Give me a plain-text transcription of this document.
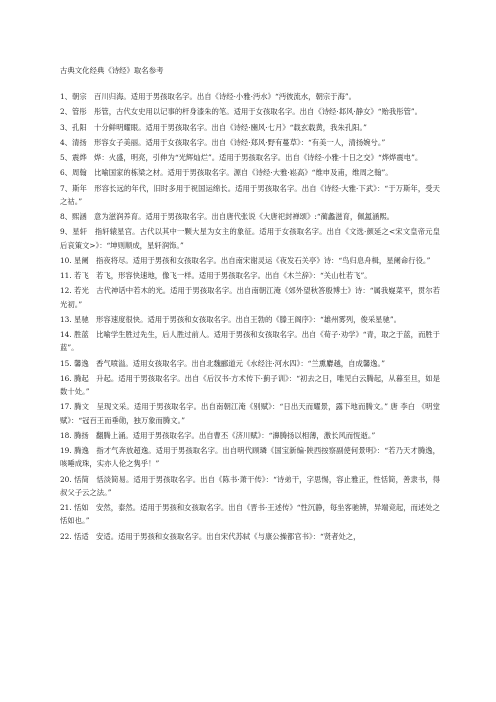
古典文化经典《诗经》取名参考

1、朝宗　百川归海。适用于男孩取名字。出自《诗经·小雅·沔水》“沔彼流水，朝宗于海”。

2、管彤　彤管，古代女史用以记事的杆身漆朱的笔。适用于女孩取名字。出自《诗经·邶风·静女》“贻我彤管”。

3、孔阳　十分鲜明耀眼。适用于男孩取名字。出自《诗经·豳风·七月》“载玄载黄，我朱孔阳。”

4、清扬　形容女子美丽。适用于女孩取名字。出自《诗经·郑风·野有蔓草》：“有美一人，清扬婉兮。”

5、震烨　烨：火盛，明亮，引伸为“光辉灿烂”。适用于男孩取名字。出自《诗经·小雅·十日之交》“烨烨震电”。

6、周翰　比喻国家的栋梁之材。适用于男孩取名字。源自《诗经·大雅·崧高》“维申及甫，维周之翰”。

7、斯年　形容长远的年代，旧时多用于祝国运绵长。适用于男孩取名字。出自《诗经·大雅·下武》：“于万斯年，受天之祜。”

8、熙涵　意为滋润养育。适用于男孩取名字。出自唐代张说《大唐祀封禅颂》:“蔺蠡滋育，佩氲涵熙。

9、星轩　指轩辕星宫。古代以其中一颗大星为女主的象征。适用于女孩取名字。出自《文选·颜延之<宋文皇帝元皇后哀策文>》：“坤则顺成，星轩润饰。”

10. 星阑　指夜将尽。适用于男孩和女孩取名字。出自南宋谢灵运《夜发石关亭》诗：“鸟归息舟楫，星阑命行役。”

11. 若飞　若飞，形容快速地，像飞一样。适用于男孩取名字。出自《木兰辞》：“关山杜若飞”。

12. 若光　古代神话中若木的光。适用于男孩取名字。出自南朝江淹《郊外望秋答殷博士》诗：“属我嶷菜平，贯尔若光初。”

13. 星驰　形容速度很快。适用于男孩和女孩取名字。出自王勃的《滕王阁序》：“雄州雾列，俊采星驰”。

14. 胜蓝　比喻学生胜过先生，后人胜过前人。适用于男孩和女孩取名字。出自《荀子·劝学》“青，取之于蓝，而胜于蓝”。

15. 馨逸　香气喷溢。适用女孩取名字。出自北魏郦道元《水经注·河水四》：“兰熏麝越，自成馨逸。”

16. 腾起　升起。适用于男孩取名字。出自《后汉书·方术传下·蓟子训》：“初去之日，唯见白云腾起，从暮至旦，如是数十处。”

17. 腾文　呈现文采。适用于男孩取名字。出自南朝江淹《别赋》：“日出天而耀景，露下地而腾文。” 唐 李白 《明堂赋》：“冠百王而垂勋，独万象而腾文。”

18. 腾扬　翻腾上涌。适用于男孩取名字。出自曹丕《济川赋》：“濞腾扬以相薄，激长风而恆逝。”

19. 腾逸　指才气奔放超逸。适用于男孩取名字。出自明代顾璘《国宝新编·陕西按察副使何景明》：“若乃天才腾逸，咳唾成珠，实亦人伦之隽乎！”

20. 恬简　恬淡简易。适用于男孩取名字。出自《陈书·萧干传》：“诗弟干，字思惕，容止雅正，性恬简，善隶书，得叔父子云之法。”

21. 恬如　安然，泰然。适用于男孩和女孩取名字。出自《晋书·王述传》“性沉静，每坐客驰辨，异端竞起，而述处之恬如也。”

22. 恬适　安适。适用于男孩和女孩取名字。出自宋代苏轼《与康公操都官书》：“贤者处之，
